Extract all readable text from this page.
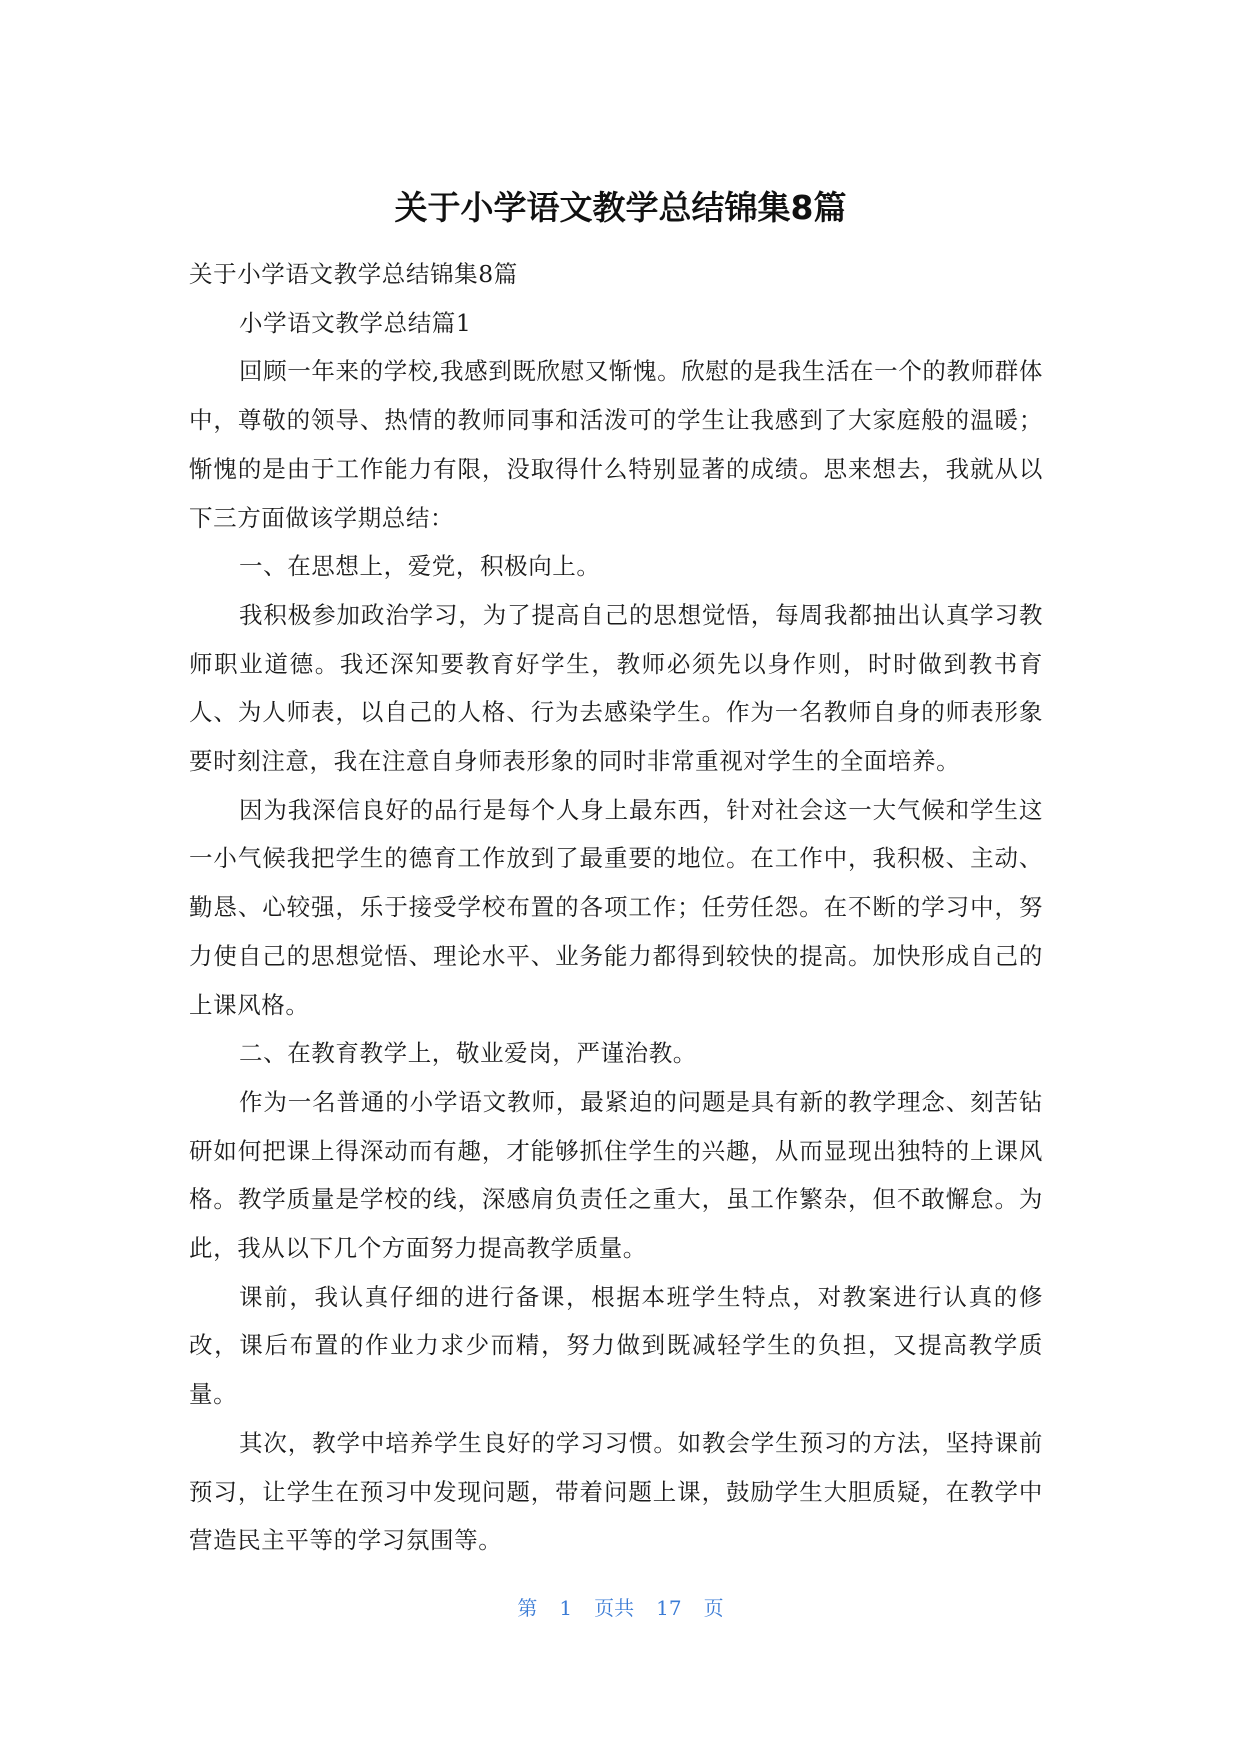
关于小学语文教学总结锦集8篇

关于小学语文教学总结锦集8篇

小学语文教学总结篇1

回顾一年来的学校,我感到既欣慰又惭愧。欣慰的是我生活在一个的教师群体中，尊敬的领导、热情的教师同事和活泼可的学生让我感到了大家庭般的温暖；惭愧的是由于工作能力有限，没取得什么特别显著的成绩。思来想去，我就从以下三方面做该学期总结：

一、在思想上，爱党，积极向上。

我积极参加政治学习，为了提高自己的思想觉悟，每周我都抽出认真学习教师职业道德。我还深知要教育好学生，教师必须先以身作则，时时做到教书育人、为人师表，以自己的人格、行为去感染学生。作为一名教师自身的师表形象要时刻注意，我在注意自身师表形象的同时非常重视对学生的全面培养。

因为我深信良好的品行是每个人身上最东西，针对社会这一大气候和学生这一小气候我把学生的德育工作放到了最重要的地位。在工作中，我积极、主动、勤恳、心较强，乐于接受学校布置的各项工作；任劳任怨。在不断的学习中，努力使自己的思想觉悟、理论水平、业务能力都得到较快的提高。加快形成自己的上课风格。

二、在教育教学上，敬业爱岗，严谨治教。

作为一名普通的小学语文教师，最紧迫的问题是具有新的教学理念、刻苦钻研如何把课上得深动而有趣，才能够抓住学生的兴趣，从而显现出独特的上课风格。教学质量是学校的线，深感肩负责任之重大，虽工作繁杂，但不敢懈怠。为此，我从以下几个方面努力提高教学质量。

课前，我认真仔细的进行备课，根据本班学生特点，对教案进行认真的修改，课后布置的作业力求少而精，努力做到既减轻学生的负担，又提高教学质量。

其次，教学中培养学生良好的学习习惯。如教会学生预习的方法，坚持课前预习，让学生在预习中发现问题，带着问题上课，鼓励学生大胆质疑，在教学中营造民主平等的学习氛围等。

第 1 页共 17 页
